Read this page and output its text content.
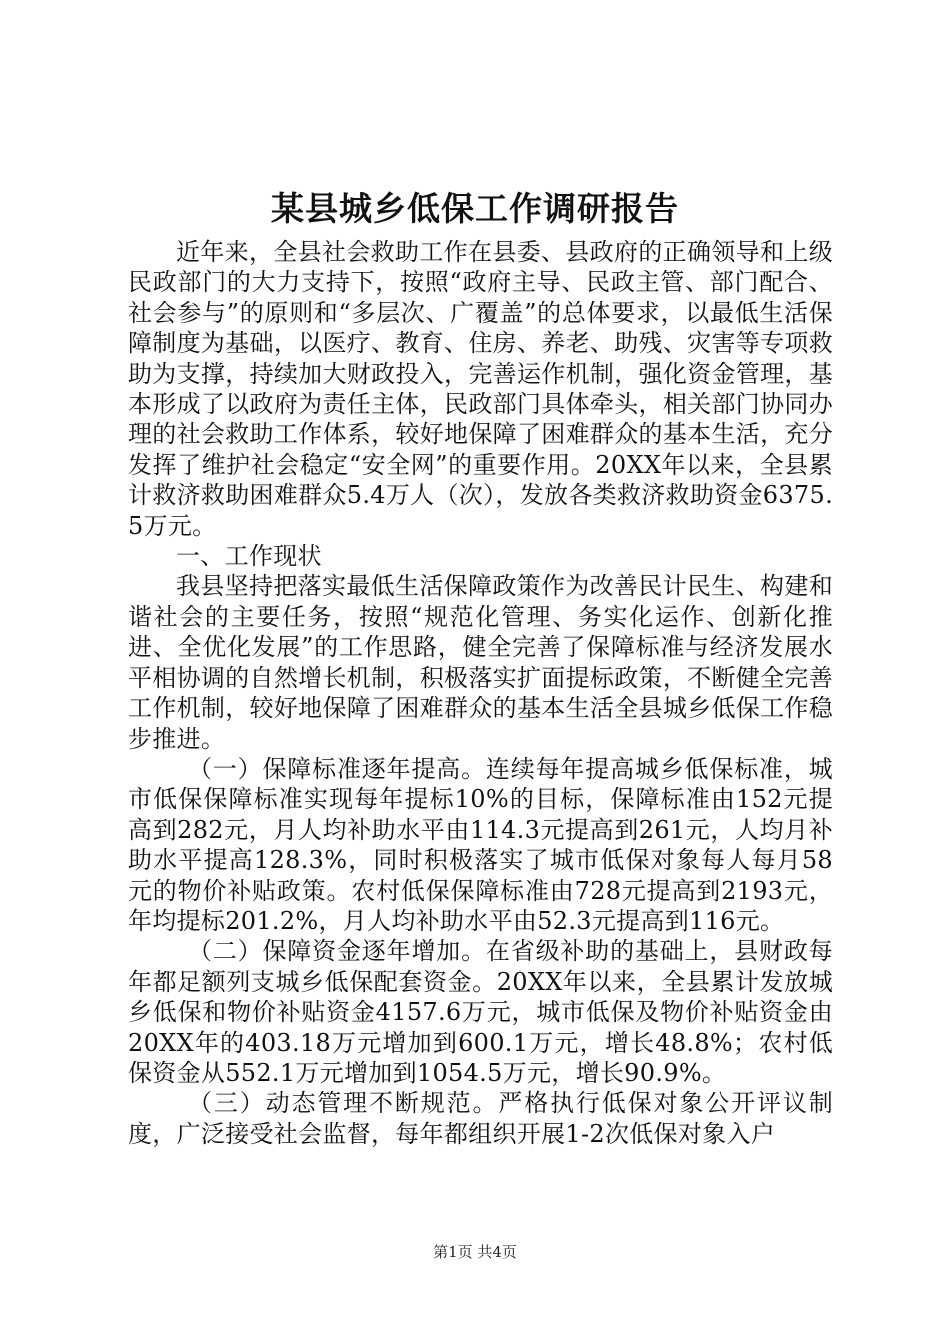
某县城乡低保工作调研报告

近年来，全县社会救助工作在县委、县政府的正确领导和上级民政部门的大力支持下，按照“政府主导、民政主管、部门配合、社会参与”的原则和“多层次、广覆盖”的总体要求，以最低生活保障制度为基础，以医疗、教育、住房、养老、助残、灾害等专项救助为支撑，持续加大财政投入，完善运作机制，强化资金管理，基本形成了以政府为责任主体，民政部门具体牵头，相关部门协同办理的社会救助工作体系，较好地保障了困难群众的基本生活，充分发挥了维护社会稳定“安全网”的重要作用。20XX年以来，全县累计救济救助困难群众5.4万人（次），发放各类救济救助资金6375.5万元。

一、工作现状

我县坚持把落实最低生活保障政策作为改善民计民生、构建和谐社会的主要任务，按照“规范化管理、务实化运作、创新化推进、全优化发展”的工作思路，健全完善了保障标准与经济发展水平相协调的自然增长机制，积极落实扩面提标政策，不断健全完善工作机制，较好地保障了困难群众的基本生活全县城乡低保工作稳步推进。

（一）保障标准逐年提高。连续每年提高城乡低保标准，城市低保保障标准实现每年提标10%的目标，保障标准由152元提高到282元，月人均补助水平由114.3元提高到261元，人均月补助水平提高128.3%，同时积极落实了城市低保对象每人每月58元的物价补贴政策。农村低保保障标准由728元提高到2193元，年均提标201.2%，月人均补助水平由52.3元提高到116元。

（二）保障资金逐年增加。在省级补助的基础上，县财政每年都足额列支城乡低保配套资金。20XX年以来，全县累计发放城乡低保和物价补贴资金4157.6万元，城市低保及物价补贴资金由20XX年的403.18万元增加到600.1万元，增长48.8%；农村低保资金从552.1万元增加到1054.5万元，增长90.9%。

（三）动态管理不断规范。严格执行低保对象公开评议制度，广泛接受社会监督，每年都组织开展1-2次低保对象入户

第1页 共4页
